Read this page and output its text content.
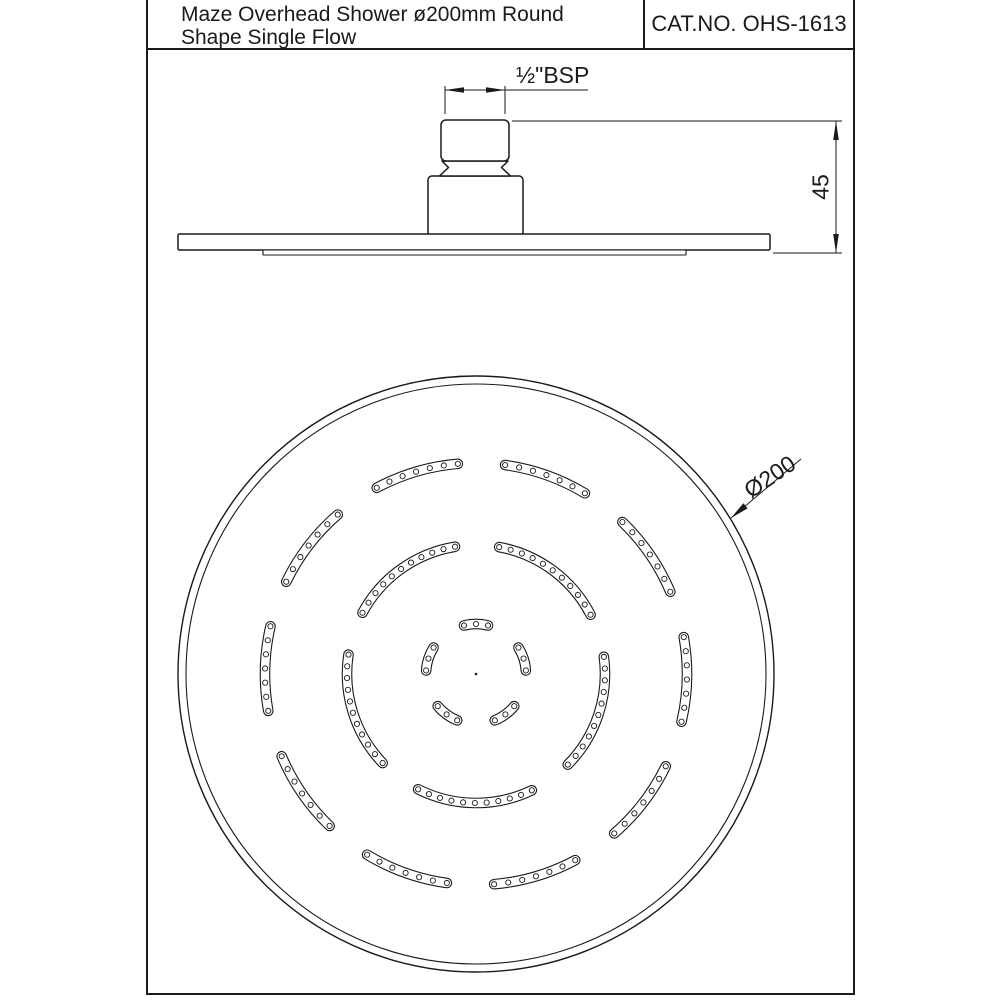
Maze Overhead Shower ø200mm Round
Shape Single Flow
CAT.NO. OHS-1613
½"BSP
45
Ø200
